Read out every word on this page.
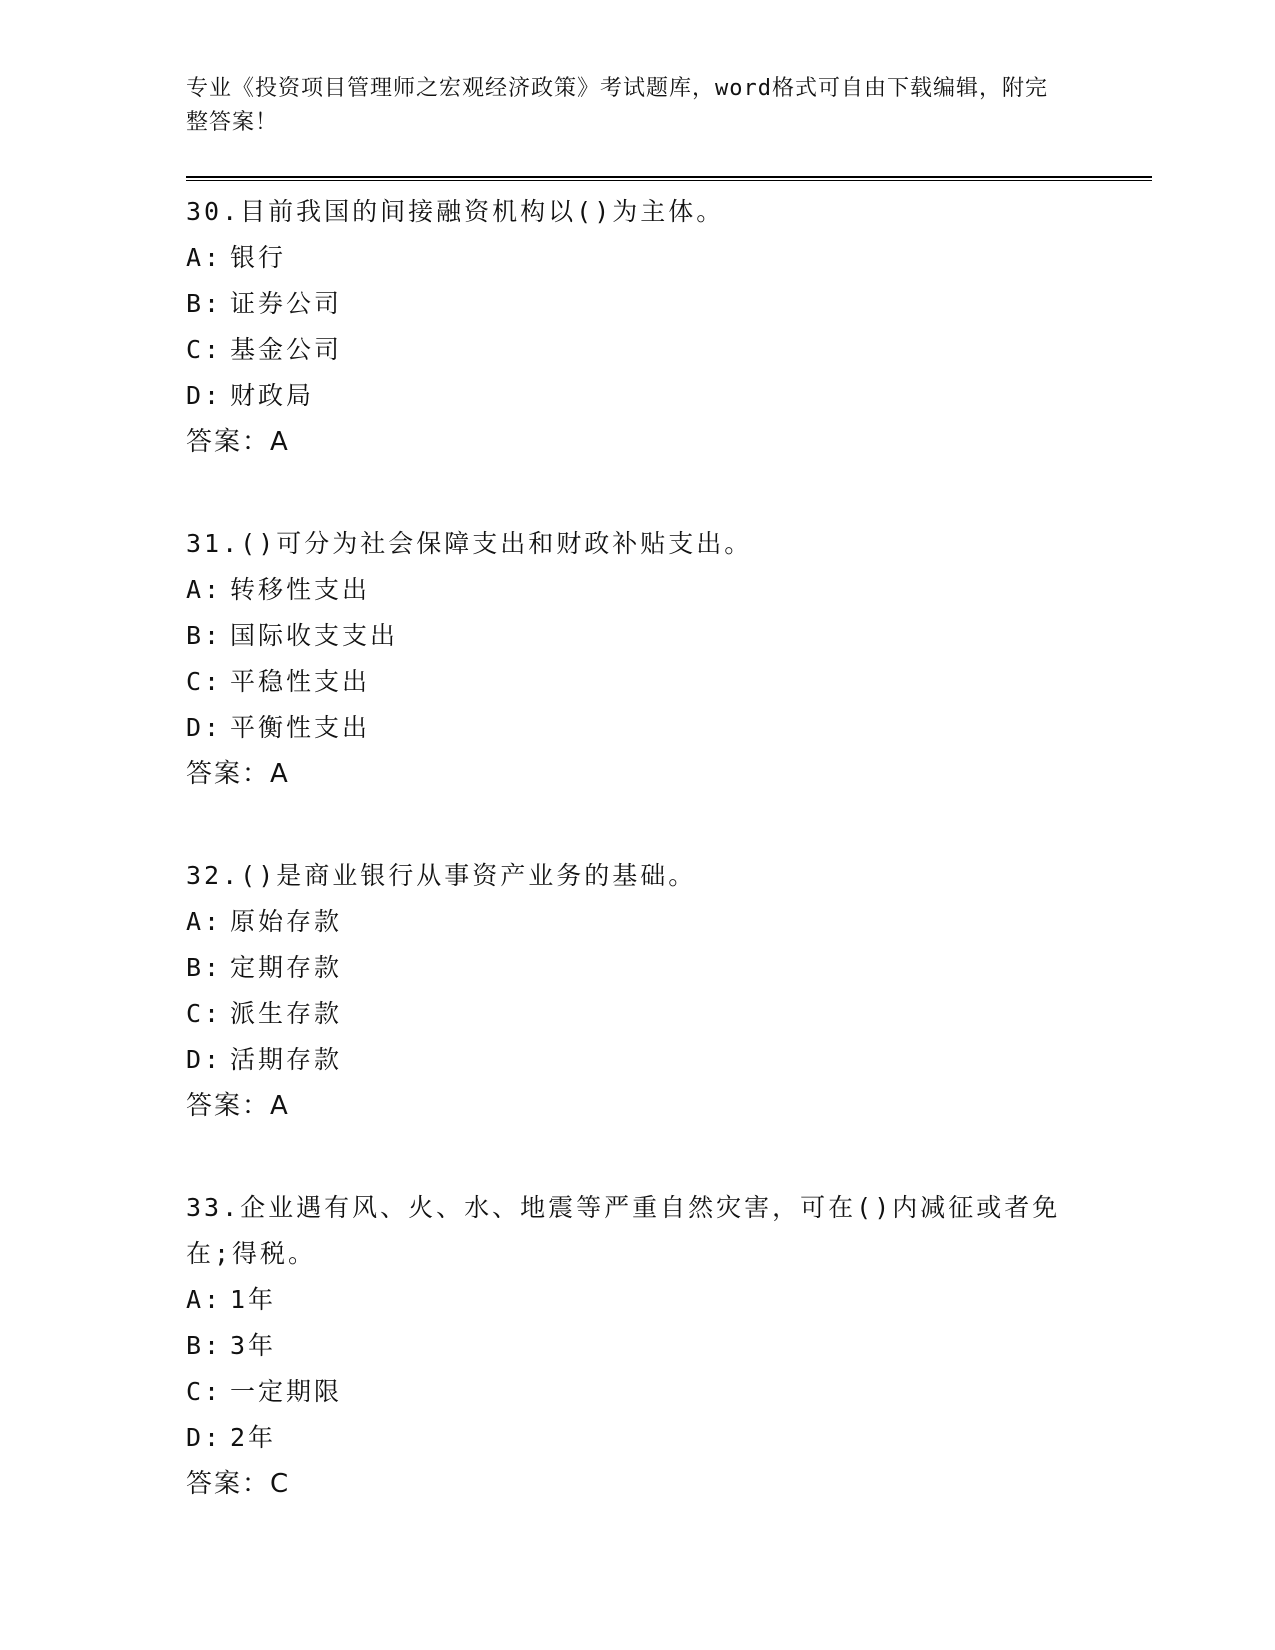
专业《投资项目管理师之宏观经济政策》考试题库，word格式可自由下载编辑，附完整答案！
30.目前我国的间接融资机构以()为主体。
A: 银行
B: 证券公司
C: 基金公司
D: 财政局
答案：A
31.()可分为社会保障支出和财政补贴支出。
A: 转移性支出
B: 国际收支支出
C: 平稳性支出
D: 平衡性支出
答案：A
32.()是商业银行从事资产业务的基础。
A: 原始存款
B: 定期存款
C: 派生存款
D: 活期存款
答案：A
33.企业遇有风、火、水、地震等严重自然灾害，可在()内减征或者免在;得税。
A: 1年
B: 3年
C: 一定期限
D: 2年
答案：C
